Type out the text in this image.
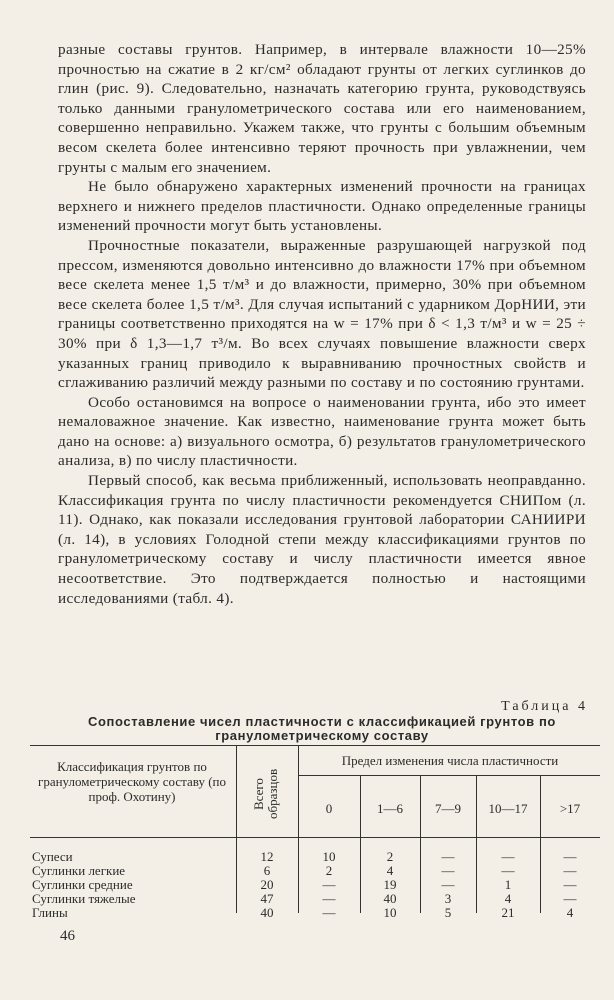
разные составы грунтов. Например, в интервале влажности 10—25% прочностью на сжатие в 2 кг/см² обладают грунты от легких суглинков до глин (рис. 9). Следовательно, назначать категорию грунта, руководствуясь только данными гранулометрического состава или его наименованием, совершенно неправильно. Укажем также, что грунты с большим объемным весом скелета более интенсивно теряют прочность при увлажнении, чем грунты с малым его значением.

Не было обнаружено характерных изменений прочности на границах верхнего и нижнего пределов пластичности. Однако определенные границы изменений прочности могут быть установлены.

Прочностные показатели, выраженные разрушающей нагрузкой под прессом, изменяются довольно интенсивно до влажности 17% при объемном весе скелета менее 1,5 т/м³ и до влажности, примерно, 30% при объемном весе скелета более 1,5 т/м³. Для случая испытаний с ударником ДорНИИ, эти границы соответственно приходятся на w = 17% при δ < 1,3 т/м³ и w = 25 ÷ 30% при δ 1,3—1,7 т³/м. Во всех случаях повышение влажности сверх указанных границ приводило к выравниванию прочностных свойств и сглаживанию различий между разными по составу и по состоянию грунтами.

Особо остановимся на вопросе о наименовании грунта, ибо это имеет немаловажное значение. Как известно, наименование грунта может быть дано на основе: а) визуального осмотра, б) результатов гранулометрического анализа, в) по числу пластичности.

Первый способ, как весьма приближенный, использовать неоправданно. Классификация грунта по числу пластичности рекомендуется СНИПом (л. 11). Однако, как показали исследования грунтовой лаборатории САНИИРИ (л. 14), в условиях Голодной степи между классификациями грунтов по гранулометрическому составу и числу пластичности имеется явное несоответствие. Это подтверждается полностью и настоящими исследованиями (табл. 4).

Таблица 4
Сопоставление чисел пластичности с классификацией грунтов по
гранулометрическому составу
Классификация грунтов по гранулометрическому составу (по проф. Охотину)	Всего образцов
Предел изменения числа пластичности
0	1—6	7—9	10—17	>17
Супеси	12	10	2	—	—	—
Суглинки легкие	6	2	4	—	—	—
Суглинки средние	20	—	19	—	1	—
Суглинки тяжелые	47	—	40	3	4	—
Глины	40	—	10	5	21	4
46
